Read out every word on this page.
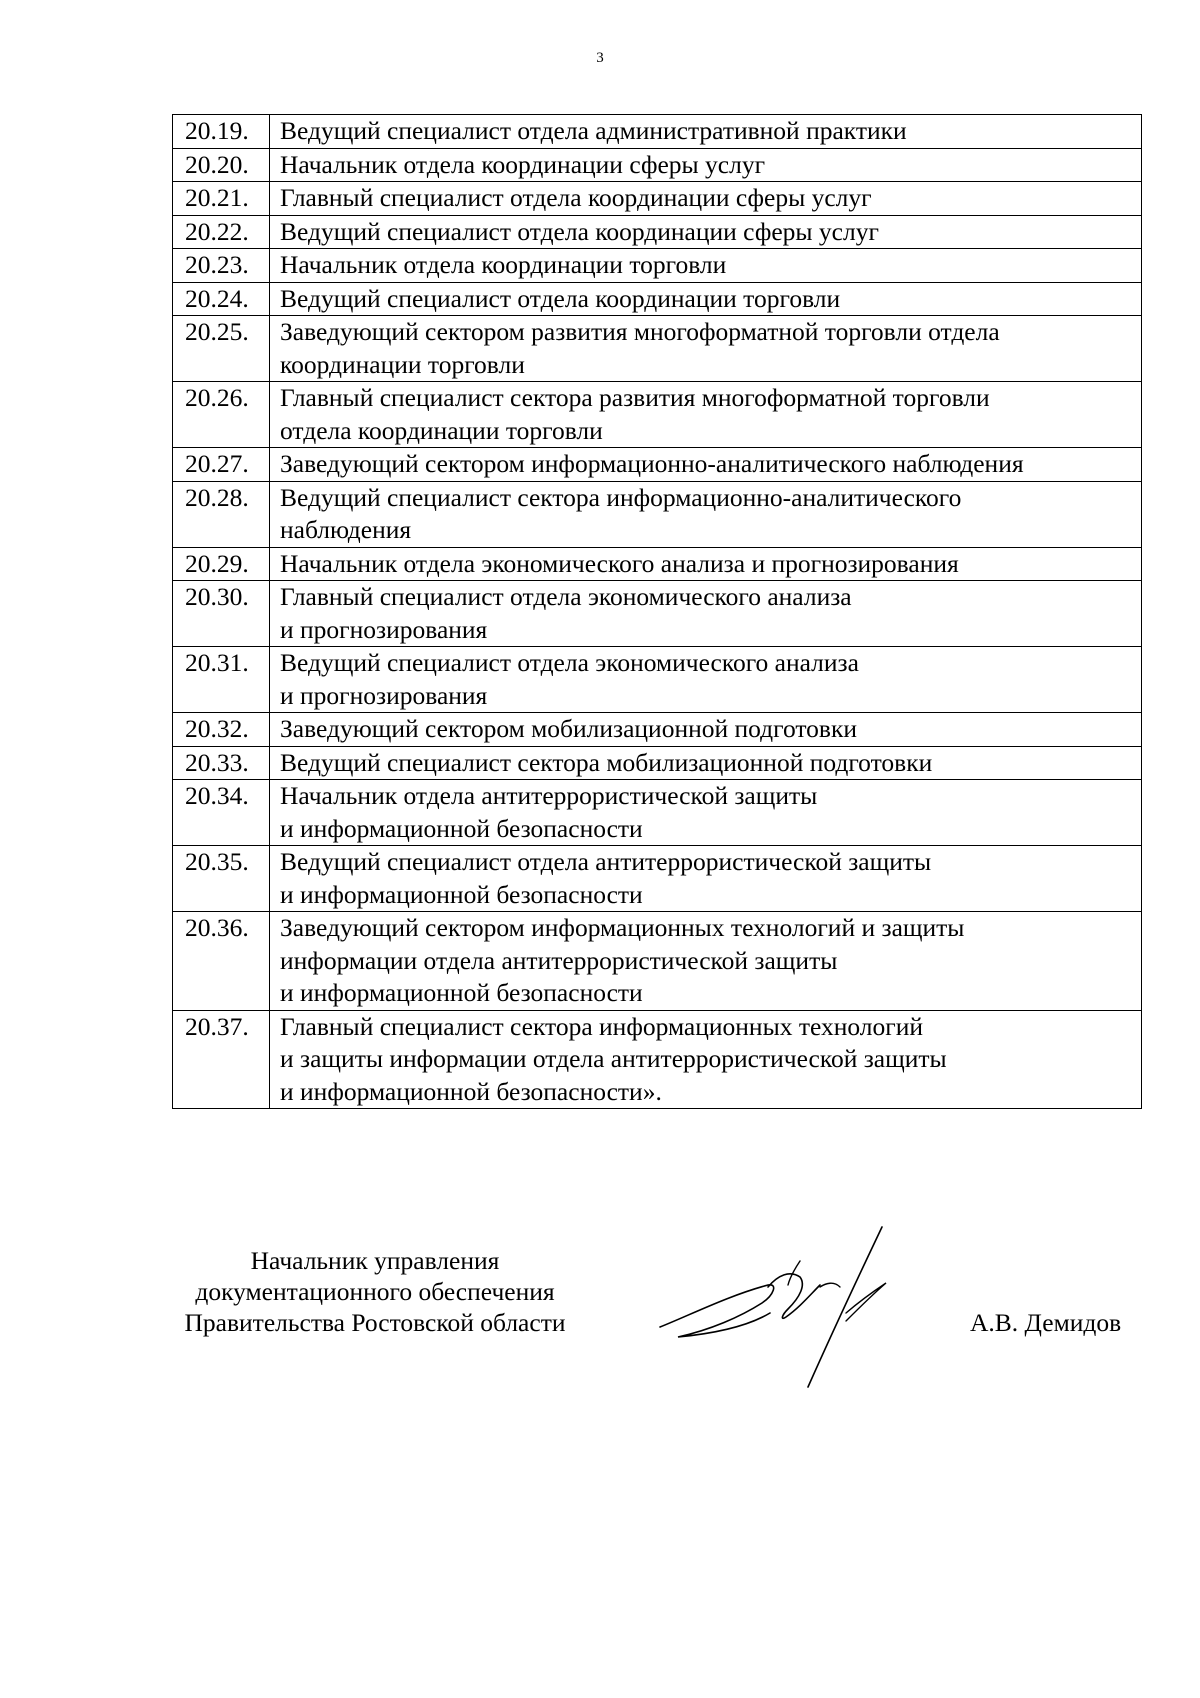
3
20.19.	Ведущий специалист отдела административной практики
20.20.	Начальник отдела координации сферы услуг
20.21.	Главный специалист отдела координации сферы услуг
20.22.	Ведущий специалист отдела координации сферы услуг
20.23.	Начальник отдела координации торговли
20.24.	Ведущий специалист отдела координации торговли
20.25.	Заведующий сектором развития многоформатной торговли отдела
координации торговли
20.26.	Главный специалист сектора развития многоформатной торговли
отдела координации торговли
20.27.	Заведующий сектором информационно-аналитического наблюдения
20.28.	Ведущий специалист сектора информационно-аналитического
наблюдения
20.29.	Начальник отдела экономического анализа и прогнозирования
20.30.	Главный специалист отдела экономического анализа
и прогнозирования
20.31.	Ведущий специалист отдела экономического анализа
и прогнозирования
20.32.	Заведующий сектором мобилизационной подготовки
20.33.	Ведущий специалист сектора мобилизационной подготовки
20.34.	Начальник отдела антитеррористической защиты
и информационной безопасности
20.35.	Ведущий специалист отдела антитеррористической защиты
и информационной безопасности
20.36.	Заведующий сектором информационных технологий и защиты
информации отдела антитеррористической защиты
и информационной безопасности
20.37.	Главный специалист сектора информационных технологий
и защиты информации отдела антитеррористической защиты
и информационной безопасности».
Начальник управления
документационного обеспечения
Правительства Ростовской области	А.В. Демидов
